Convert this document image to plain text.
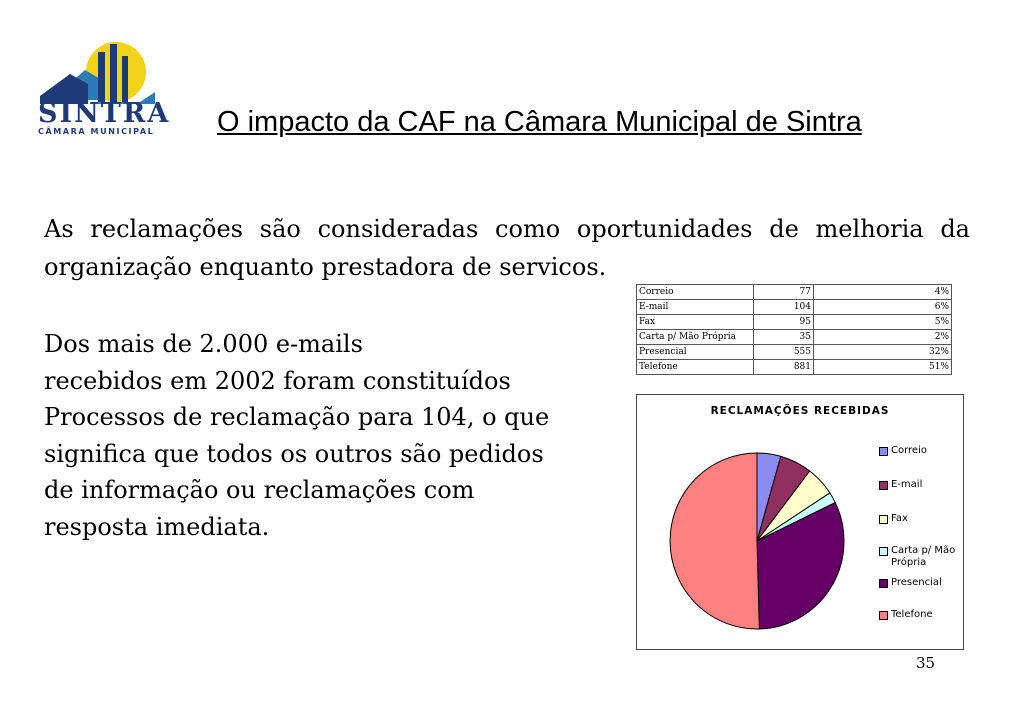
SINTRA
CÂMARA MUNICIPAL O impacto da CAF na Câmara Municipal de Sintra

As reclamações são consideradas como oportunidades de melhoria da organização enquanto prestadora de servicos.

Dos mais de 2.000 e-mails
recebidos em 2002 foram constituídos
Processos de reclamação para 104, o que
significa que todos os outros são pedidos
de informação ou reclamações com
resposta imediata.

Correio	77	4%
E-mail	104	6%
Fax	95	5%
Carta p/ Mão Própria	35	2%
Presencial	555	32%
Telefone	881	51%
RECLAMAÇÕES RECEBIDAS
Correio
E-mail
Fax
Carta p/ Mão
Própria
Presencial
Telefone
35
